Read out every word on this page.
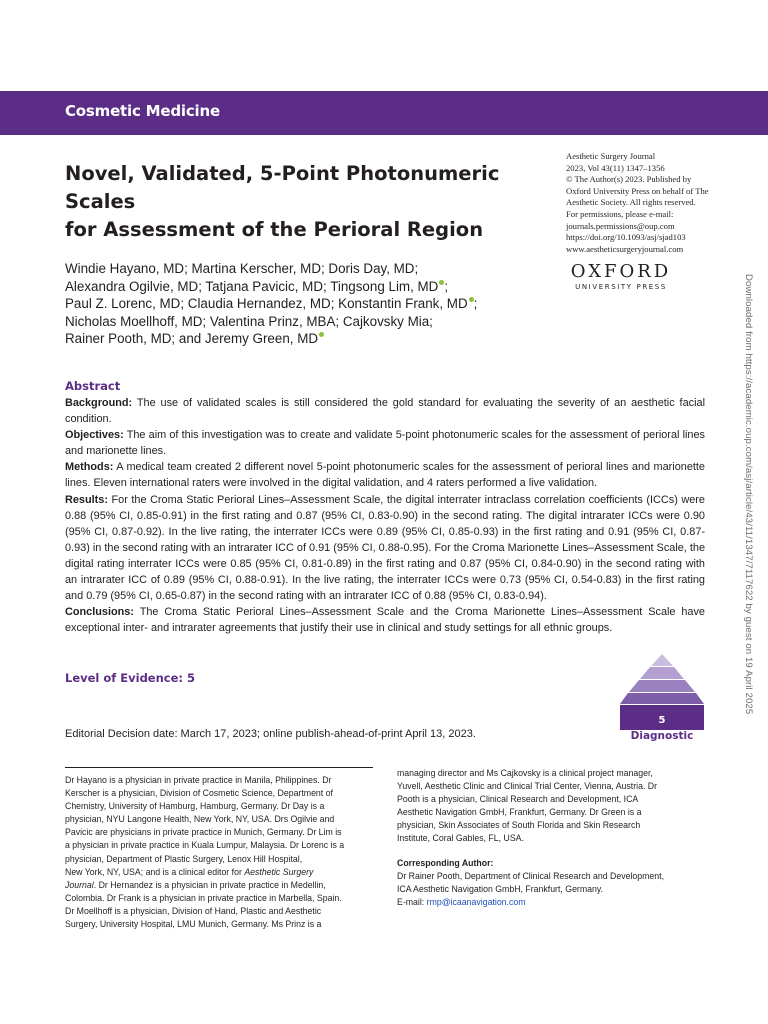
Cosmetic Medicine
Novel, Validated, 5-Point Photonumeric Scales
for Assessment of the Perioral Region
Aesthetic Surgery Journal
2023, Vol 43(11) 1347–1356
© The Author(s) 2023. Published by
Oxford University Press on behalf of The
Aesthetic Society. All rights reserved.
For permissions, please e-mail:
journals.permissions@oup.com
https://doi.org/10.1093/asj/sjad103
www.aestheticsurgeryjournal.com
OXFORD
UNIVERSITY PRESS
Windie Hayano, MD; Martina Kerscher, MD; Doris Day, MD;
Alexandra Ogilvie, MD; Tatjana Pavicic, MD; Tingsong Lim, MD ;
Paul Z. Lorenc, MD; Claudia Hernandez, MD; Konstantin Frank, MD ;
Nicholas Moellhoff, MD; Valentina Prinz, MBA; Cajkovsky Mia;
Rainer Pooth, MD; and Jeremy Green, MD
Abstract

Background: The use of validated scales is still considered the gold standard for evaluating the severity of an aesthetic facial condition.

Objectives: The aim of this investigation was to create and validate 5-point photonumeric scales for the assessment of perioral lines and marionette lines.

Methods: A medical team created 2 different novel 5-point photonumeric scales for the assessment of perioral lines and marionette lines. Eleven international raters were involved in the digital validation, and 4 raters performed a live validation.

Results: For the Croma Static Perioral Lines–Assessment Scale, the digital interrater intraclass correlation coefficients (ICCs) were 0.88 (95% CI, 0.85-0.91) in the first rating and 0.87 (95% CI, 0.83-0.90) in the second rating. The digital intrarater ICCs were 0.90 (95% CI, 0.87-0.92). In the live rating, the interrater ICCs were 0.89 (95% CI, 0.85-0.93) in the first rating and 0.91 (95% CI, 0.87-0.93) in the second rating with an intrarater ICC of 0.91 (95% CI, 0.88-0.95). For the Croma Marionette Lines–Assessment Scale, the digital rating interrater ICCs were 0.85 (95% CI, 0.81-0.89) in the first rating and 0.87 (95% CI, 0.84-0.90) in the second rating with an intrarater ICC of 0.89 (95% CI, 0.88-0.91). In the live rating, the interrater ICCs were 0.73 (95% CI, 0.54-0.83) in the first rating and 0.79 (95% CI, 0.65-0.87) in the second rating with an intrarater ICC of 0.88 (95% CI, 0.83-0.94).

Conclusions: The Croma Static Perioral Lines–Assessment Scale and the Croma Marionette Lines–Assessment Scale have exceptional inter- and intrarater agreements that justify their use in clinical and study settings for all ethnic groups.

Level of Evidence: 5
5
Diagnostic
Editorial Decision date: March 17, 2023; online publish-ahead-of-print April 13, 2023.
Dr Hayano is a physician in private practice in Manila, Philippines. Dr
Kerscher is a physician, Division of Cosmetic Science, Department of
Chemistry, University of Hamburg, Hamburg, Germany. Dr Day is a
physician, NYU Langone Health, New York, NY, USA. Drs Ogilvie and
Pavicic are physicians in private practice in Munich, Germany. Dr Lim is
a physician in private practice in Kuala Lumpur, Malaysia. Dr Lorenc is a
physician, Department of Plastic Surgery, Lenox Hill Hospital,
New York, NY, USA; and is a clinical editor for Aesthetic Surgery
Journal. Dr Hernandez is a physician in private practice in Medellin,
Colombia. Dr Frank is a physician in private practice in Marbella, Spain.
Dr Moellhoff is a physician, Division of Hand, Plastic and Aesthetic
Surgery, University Hospital, LMU Munich, Germany. Ms Prinz is a
managing director and Ms Cajkovsky is a clinical project manager,
Yuvell, Aesthetic Clinic and Clinical Trial Center, Vienna, Austria. Dr
Pooth is a physician, Clinical Research and Development, ICA
Aesthetic Navigation GmbH, Frankfurt, Germany. Dr Green is a
physician, Skin Associates of South Florida and Skin Research
Institute, Coral Gables, FL, USA.
Corresponding Author:
Dr Rainer Pooth, Department of Clinical Research and Development,
ICA Aesthetic Navigation GmbH, Frankfurt, Germany.
E-mail: rmp@icaanavigation.com
Downloaded from https://academic.oup.com/asj/article/43/11/1347/7117622 by guest on 19 April 2025
